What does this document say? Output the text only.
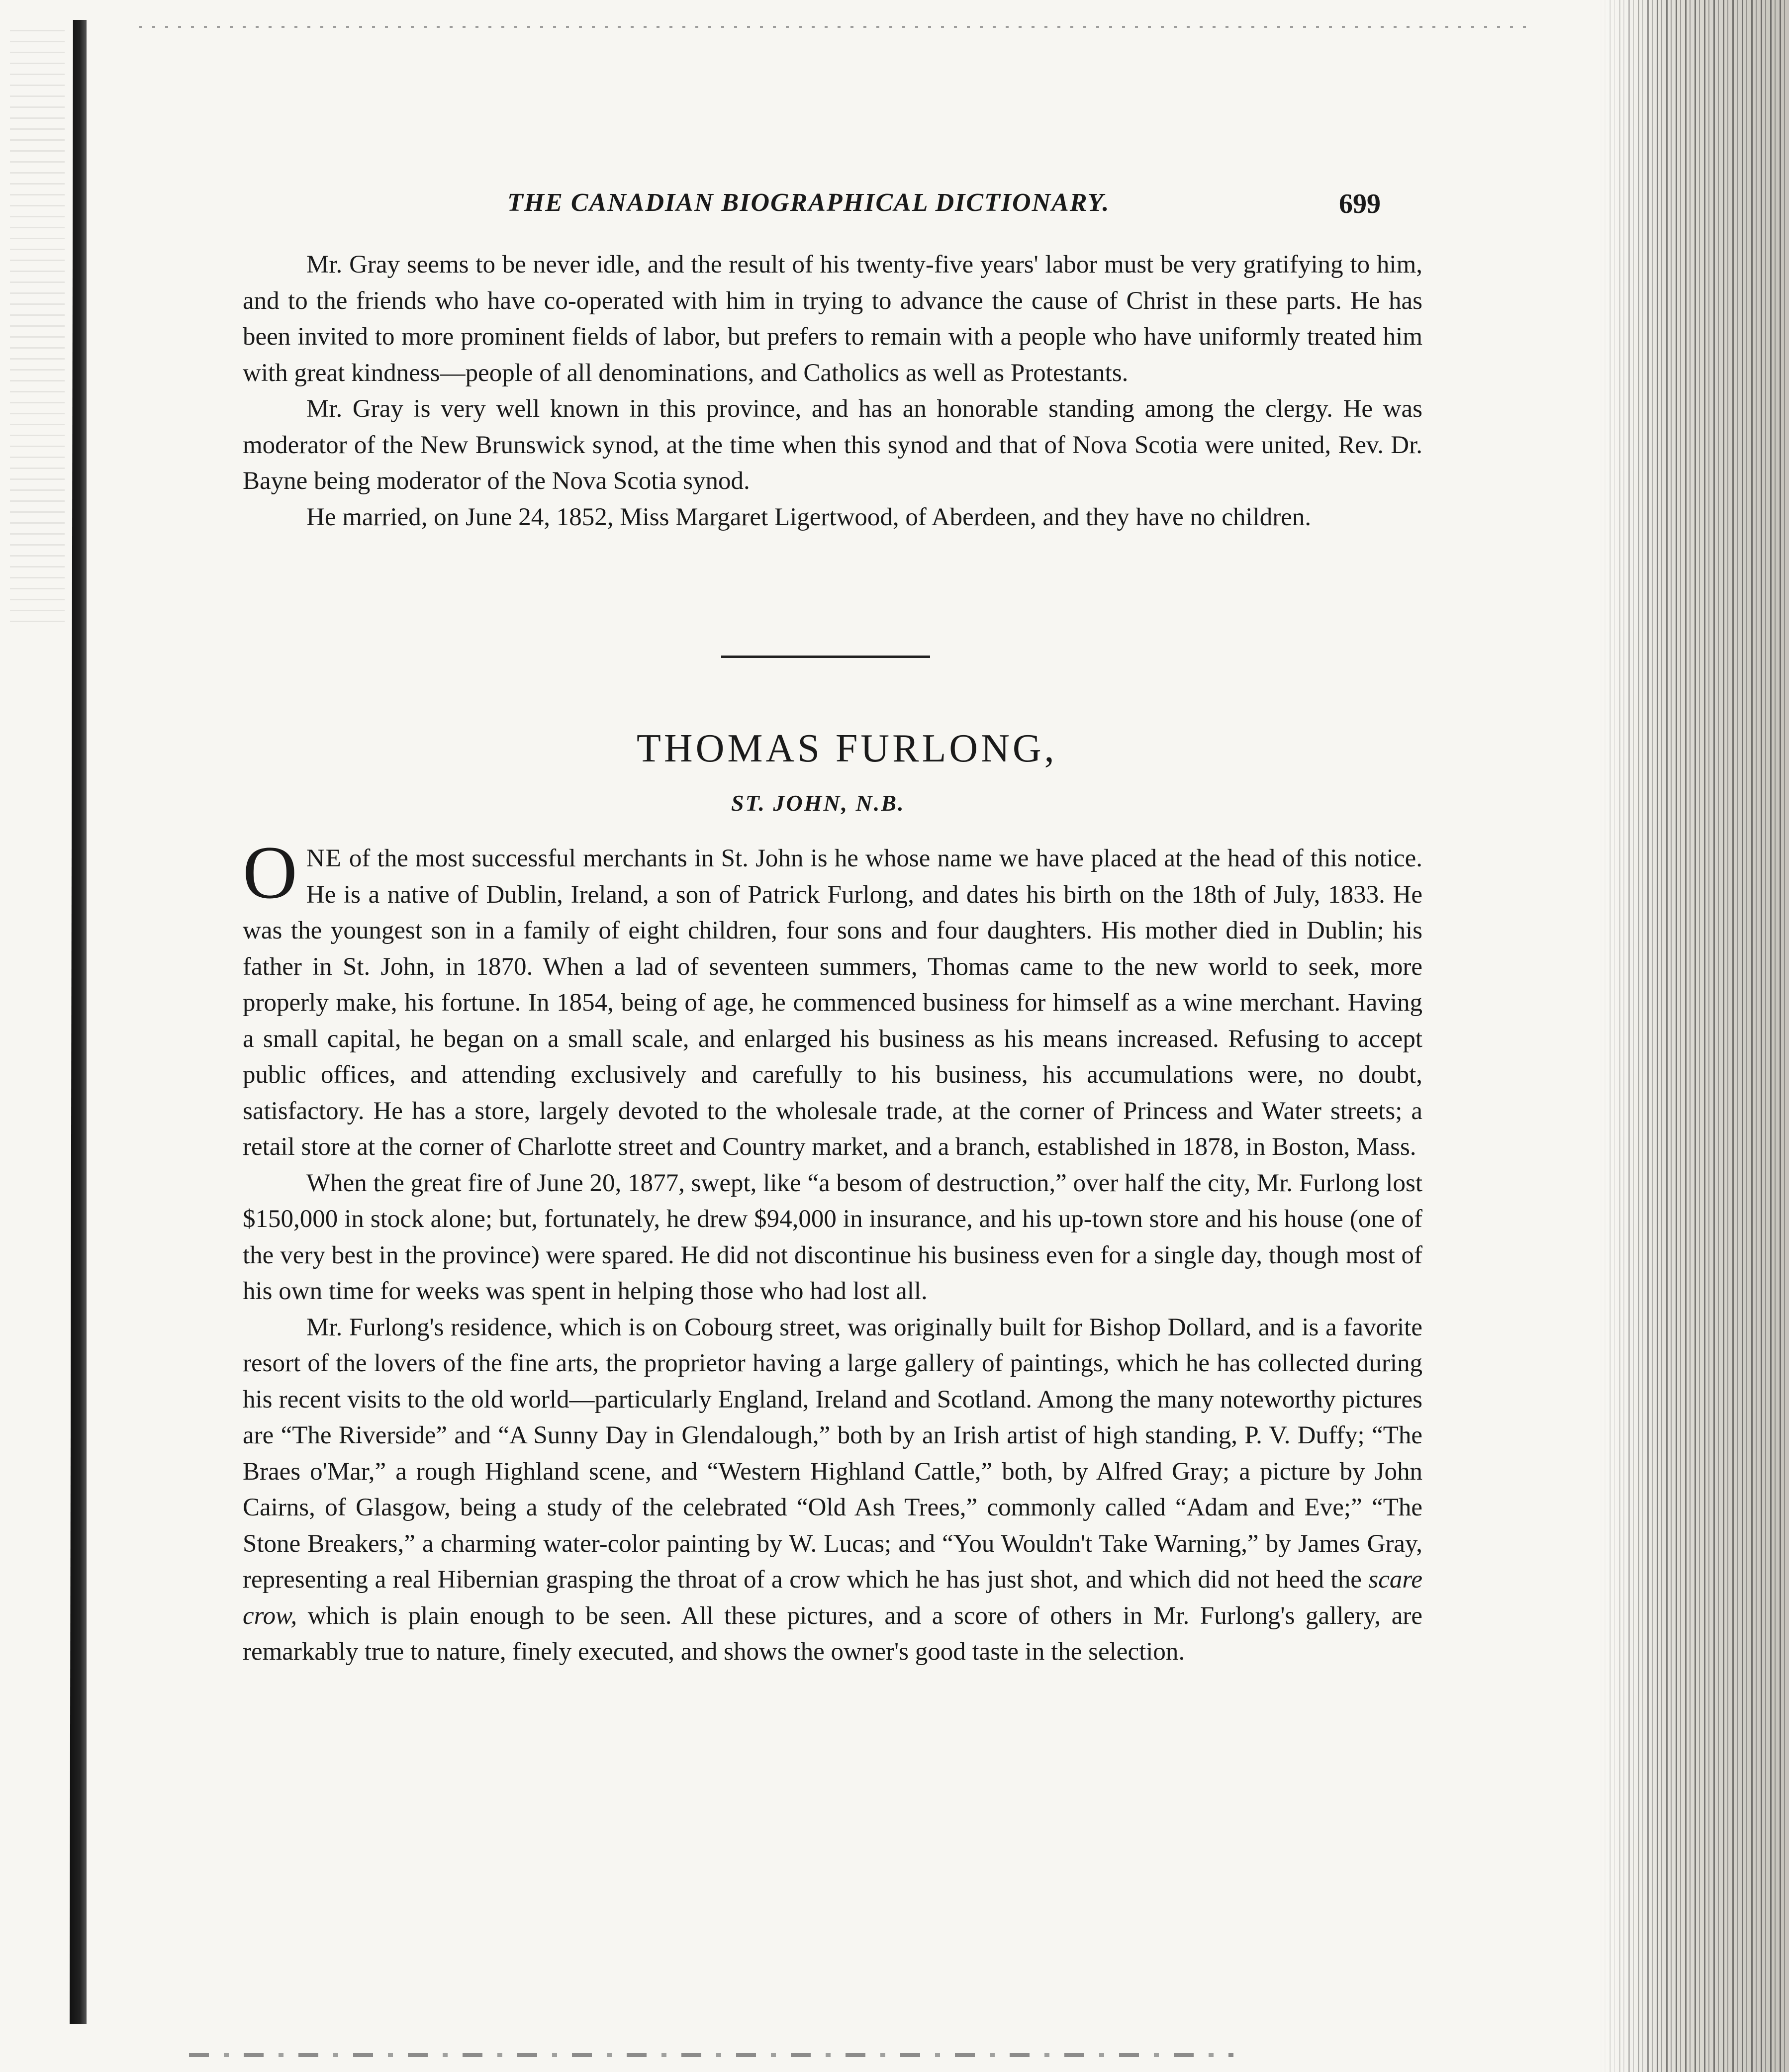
THE CANADIAN BIOGRAPHICAL DICTIONARY.	699

Mr. Gray seems to be never idle, and the result of his twenty-five years' labor must be very gratifying to him, and to the friends who have co-operated with him in trying to advance the cause of Christ in these parts. He has been invited to more prominent fields of labor, but prefers to remain with a people who have uniformly treated him with great kindness—people of all denominations, and Catholics as well as Protestants.

Mr. Gray is very well known in this province, and has an honorable standing among the clergy. He was moderator of the New Brunswick synod, at the time when this synod and that of Nova Scotia were united, Rev. Dr. Bayne being moderator of the Nova Scotia synod.

He married, on June 24, 1852, Miss Margaret Ligertwood, of Aberdeen, and they have no children.

THOMAS FURLONG,
ST. JOHN, N.B.

ONE of the most successful merchants in St. John is he whose name we have placed at the head of this notice. He is a native of Dublin, Ireland, a son of Patrick Furlong, and dates his birth on the 18th of July, 1833. He was the youngest son in a family of eight children, four sons and four daughters. His mother died in Dublin; his father in St. John, in 1870. When a lad of seventeen summers, Thomas came to the new world to seek, more properly make, his fortune. In 1854, being of age, he commenced business for himself as a wine merchant. Having a small capital, he began on a small scale, and enlarged his business as his means increased. Refusing to accept public offices, and attending exclusively and carefully to his business, his accumulations were, no doubt, satisfactory. He has a store, largely devoted to the wholesale trade, at the corner of Princess and Water streets; a retail store at the corner of Charlotte street and Country market, and a branch, established in 1878, in Boston, Mass.

When the great fire of June 20, 1877, swept, like “a besom of destruction,” over half the city, Mr. Furlong lost $150,000 in stock alone; but, fortunately, he drew $94,000 in insurance, and his up-town store and his house (one of the very best in the province) were spared. He did not discontinue his business even for a single day, though most of his own time for weeks was spent in helping those who had lost all.

Mr. Furlong's residence, which is on Cobourg street, was originally built for Bishop Dollard, and is a favorite resort of the lovers of the fine arts, the proprietor having a large gallery of paintings, which he has collected during his recent visits to the old world—particularly England, Ireland and Scotland. Among the many noteworthy pictures are “The Riverside” and “A Sunny Day in Glendalough,” both by an Irish artist of high standing, P. V. Duffy; “The Braes o'Mar,” a rough Highland scene, and “Western Highland Cattle,” both, by Alfred Gray; a picture by John Cairns, of Glasgow, being a study of the celebrated “Old Ash Trees,” commonly called “Adam and Eve;” “The Stone Breakers,” a charming water-color painting by W. Lucas; and “You Wouldn't Take Warning,” by James Gray, representing a real Hibernian grasping the throat of a crow which he has just shot, and which did not heed the scare crow, which is plain enough to be seen. All these pictures, and a score of others in Mr. Furlong's gallery, are remarkably true to nature, finely executed, and shows the owner's good taste in the selection.
